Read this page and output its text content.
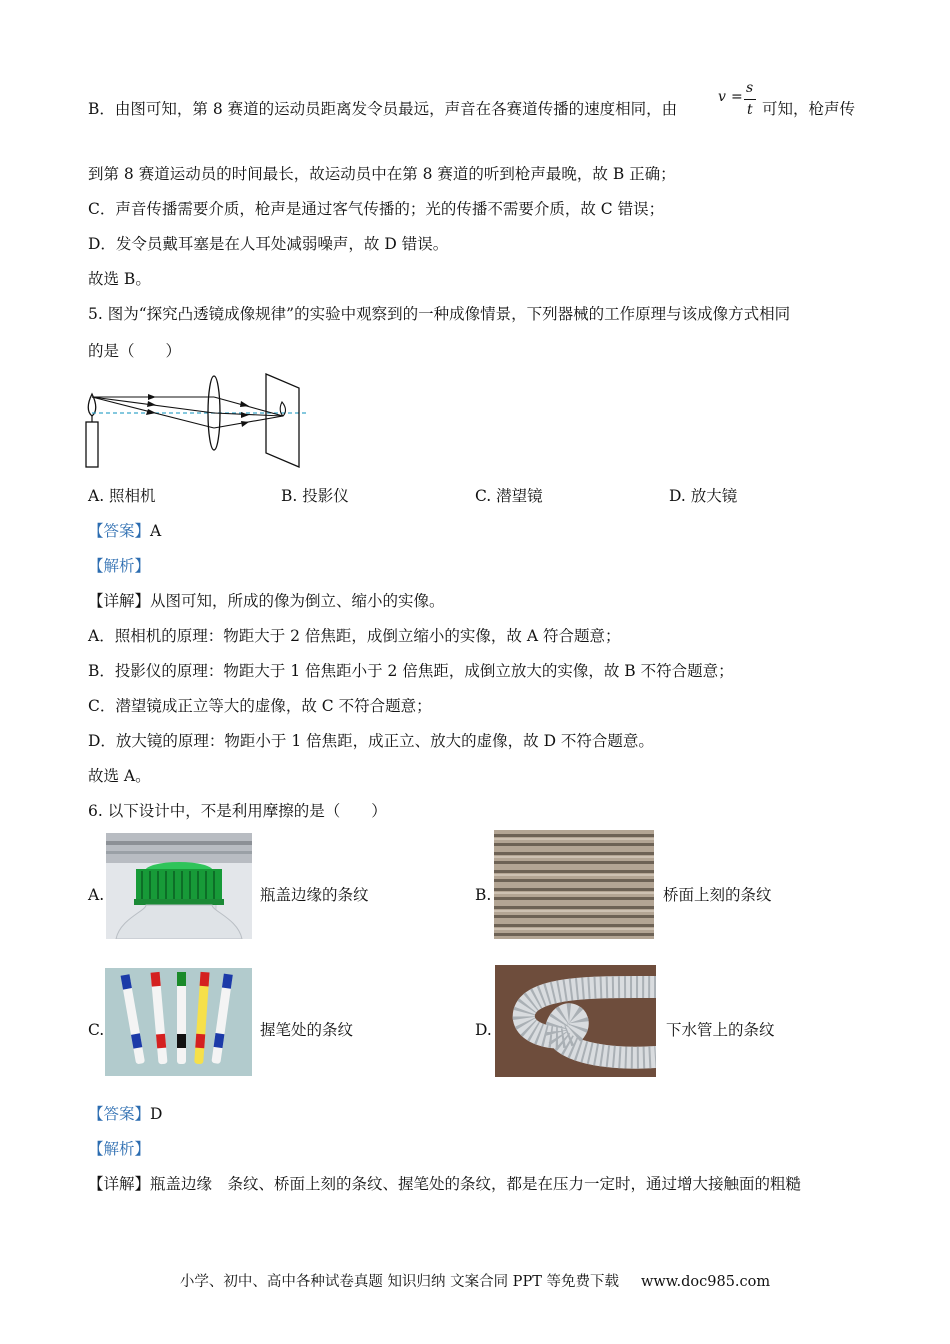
B．由图可知，第 8 赛道的运动员距离发令员最远，声音在各赛道传播的速度相同，由
v =
s
t 可知，枪声传
到第 8 赛道运动员的时间最长，故运动员中在第 8 赛道的听到枪声最晚，故 B 正确；
C．声音传播需要介质，枪声是通过客气传播的；光的传播不需要介质，故 C 错误；
D．发令员戴耳塞是在人耳处减弱噪声，故 D 错误。
故选 B。
5. 图为“探究凸透镜成像规律”的实验中观察到的一种成像情景，下列器械的工作原理与该成像方式相同
的是（　　）
A. 照相机	B. 投影仪	C. 潜望镜	D. 放大镜
【答案】A
【解析】
【详解】从图可知，所成的像为倒立、缩小的实像。
A．照相机的原理：物距大于 2 倍焦距，成倒立缩小的实像，故 A 符合题意；
B．投影仪的原理：物距大于 1 倍焦距小于 2 倍焦距，成倒立放大的实像，故 B 不符合题意；
C．潜望镜成正立等大的虚像，故 C 不符合题意；
D．放大镜的原理：物距小于 1 倍焦距，成正立、放大的虚像，故 D 不符合题意。
故选 A。
6. 以下设计中，不是利用摩擦的是（　　）
A.	瓶盖边缘的条纹	B.	桥面上刻的条纹
C.	握笔处的条纹	D.	下水管上的条纹
【答案】D
【解析】
【详解】瓶盖边缘　条纹、桥面上刻的条纹、握笔处的条纹，都是在压力一定时，通过增大接触面的粗糙
小学、初中、高中各种试卷真题 知识归纳 文案合同 PPT 等免费下载 www.doc985.com
